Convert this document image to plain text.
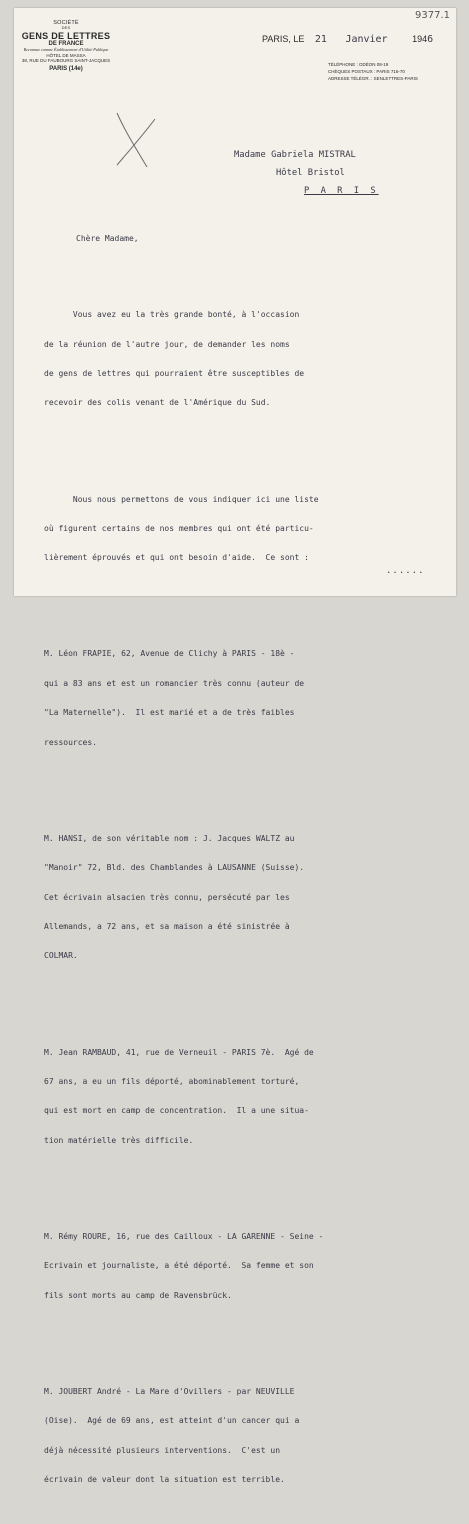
9377.1
SOCIÉTÉ
DES
GENS DE LETTRES
DE FRANCE
Reconnue comme Établissement d'Utilité Publique
HÔTEL DE MASSA
38, RUE DU FAUBOURG SAINT-JACQUES
PARIS (14e)
PARIS, LE 21 Janvier	1946
TÉLÉPHONE : ODÉON 08-19
CHÈQUES POSTAUX : PARIS 716-70
ADRESSE TÉLÉGR. : SENLETTRES-PARIS
Madame Gabriela MISTRAL
Hôtel Bristol
P A R I S

Chère Madame,

Vous avez eu la très grande bonté, à l'occasion

de la réunion de l'autre jour, de demander les noms

de gens de lettres qui pourraient être susceptibles de

recevoir des colis venant de l'Amérique du Sud.

Nous nous permettons de vous indiquer ici une liste

où figurent certains de nos membres qui ont été particu-

lièrement éprouvés et qui ont besoin d'aide.  Ce sont :

M. Léon FRAPIE, 62, Avenue de Clichy à PARIS - 18è -

qui a 83 ans et est un romancier très connu (auteur de

"La Maternelle").  Il est marié et a de très faibles

ressources.

M. HANSI, de son véritable nom : J. Jacques WALTZ au

"Manoir" 72, Bld. des Chamblandes à LAUSANNE (Suisse).

Cet écrivain alsacien très connu, persécuté par les

Allemands, a 72 ans, et sa maison a été sinistrée à

COLMAR.

M. Jean RAMBAUD, 41, rue de Verneuil - PARIS 7è.  Agé de

67 ans, a eu un fils déporté, abominablement torturé,

qui est mort en camp de concentration.  Il a une situa-

tion matérielle très difficile.

M. Rémy ROURE, 16, rue des Cailloux - LA GARENNE - Seine -

Ecrivain et journaliste, a été déporté.  Sa femme et son

fils sont morts au camp de Ravensbrück.

M. JOUBERT André - La Mare d'Ovillers - par NEUVILLE

(Oise).  Agé de 69 ans, est atteint d'un cancer qui a

déjà nécessité plusieurs interventions.  C'est un

écrivain de valeur dont la situation est terrible.

......
